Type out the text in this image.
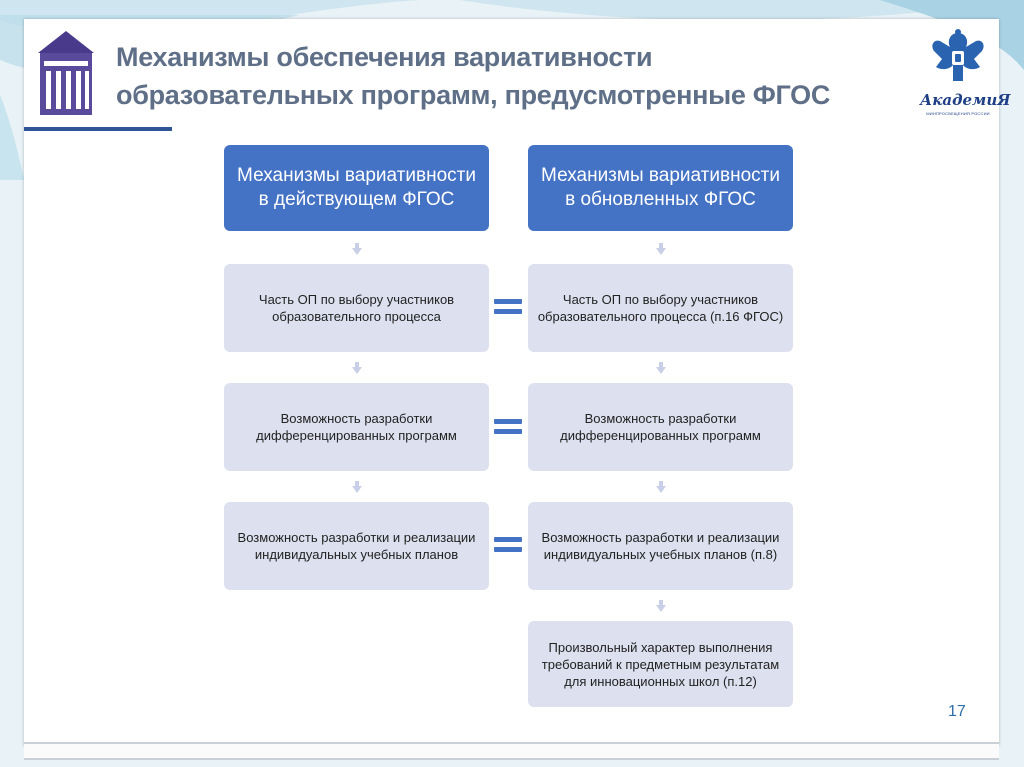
Механизмы обеспечения вариативности
образовательных программ, предусмотренные ФГОС	АкадемиЯ
МИНПРОСВЕЩЕНИЯ РОССИИ
Механизмы вариативности в действующем ФГОС
Механизмы вариативности в обновленных ФГОС
Часть ОП по выбору участников образовательного процесса
Возможность разработки дифференцированных программ
Возможность разработки и реализации индивидуальных учебных планов
Часть ОП по выбору участников образовательного процесса (п.16 ФГОС)
Возможность разработки дифференцированных программ
Возможность разработки и реализации индивидуальных учебных планов (п.8)
Произвольный характер выполнения требований к предметным результатам для инновационных школ (п.12)
17
